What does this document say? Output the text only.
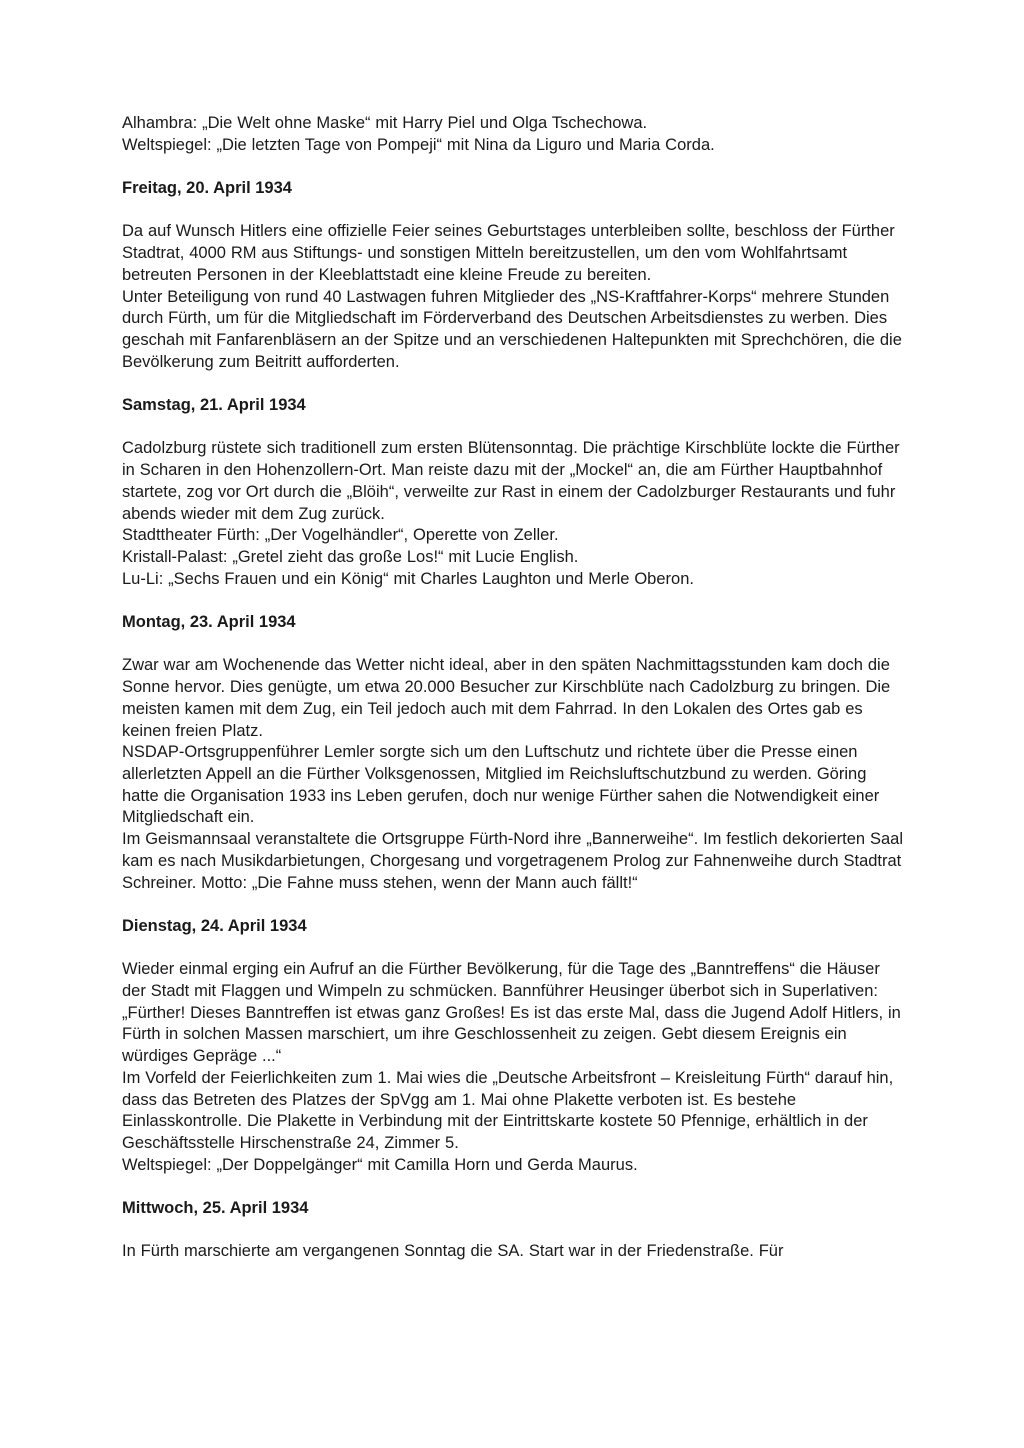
Alhambra: „Die Welt ohne Maske“ mit Harry Piel und Olga Tschechowa.

Weltspiegel: „Die letzten Tage von Pompeji“ mit Nina da Liguro und Maria Corda.

Freitag, 20. April 1934

Da auf Wunsch Hitlers eine offizielle Feier seines Geburtstages unterbleiben sollte, beschloss der Fürther Stadtrat, 4000 RM aus Stiftungs- und sonstigen Mitteln bereitzustellen, um den vom Wohlfahrtsamt betreuten Personen in der Kleeblattstadt eine kleine Freude zu bereiten.

Unter Beteiligung von rund 40 Lastwagen fuhren Mitglieder des „NS-Kraftfahrer-Korps“ mehrere Stunden durch Fürth, um für die Mitgliedschaft im Förderverband des Deutschen Arbeitsdienstes zu werben. Dies geschah mit Fanfarenbläsern an der Spitze und an verschiedenen Haltepunkten mit Sprechchören, die die Bevölkerung zum Beitritt aufforderten.

Samstag, 21. April 1934

Cadolzburg rüstete sich traditionell zum ersten Blütensonntag. Die prächtige Kirschblüte lockte die Fürther in Scharen in den Hohenzollern-Ort. Man reiste dazu mit der „Mockel“ an, die am Fürther Hauptbahnhof startete, zog vor Ort durch die „Blöih“, verweilte zur Rast in einem der Cadolzburger Restaurants und fuhr abends wieder mit dem Zug zurück.

Stadttheater Fürth: „Der Vogelhändler“, Operette von Zeller.

Kristall-Palast: „Gretel zieht das große Los!“ mit Lucie English.

Lu-Li: „Sechs Frauen und ein König“ mit Charles Laughton und Merle Oberon.

Montag, 23. April 1934

Zwar war am Wochenende das Wetter nicht ideal, aber in den späten Nachmittagsstunden kam doch die Sonne hervor. Dies genügte, um etwa 20.000 Besucher zur Kirschblüte nach Cadolzburg zu bringen. Die meisten kamen mit dem Zug, ein Teil jedoch auch mit dem Fahrrad. In den Lokalen des Ortes gab es keinen freien Platz.

NSDAP-Ortsgruppenführer Lemler sorgte sich um den Luftschutz und richtete über die Presse einen allerletzten Appell an die Fürther Volksgenossen, Mitglied im Reichsluftschutzbund zu werden. Göring hatte die Organisation 1933 ins Leben gerufen, doch nur wenige Fürther sahen die Notwendigkeit einer Mitgliedschaft ein.

Im Geismannsaal veranstaltete die Ortsgruppe Fürth-Nord ihre „Bannerweihe“. Im festlich dekorierten Saal kam es nach Musikdarbietungen, Chorgesang und vorgetragenem Prolog zur Fahnenweihe durch Stadtrat Schreiner. Motto: „Die Fahne muss stehen, wenn der Mann auch fällt!“

Dienstag, 24. April 1934

Wieder einmal erging ein Aufruf an die Fürther Bevölkerung, für die Tage des „Banntreffens“ die Häuser der Stadt mit Flaggen und Wimpeln zu schmücken. Bannführer Heusinger überbot sich in Superlativen: „Fürther! Dieses Banntreffen ist etwas ganz Großes! Es ist das erste Mal, dass die Jugend Adolf Hitlers, in Fürth in solchen Massen marschiert, um ihre Geschlossenheit zu zeigen. Gebt diesem Ereignis ein würdiges Gepräge ...“

Im Vorfeld der Feierlichkeiten zum 1. Mai wies die „Deutsche Arbeitsfront – Kreisleitung Fürth“ darauf hin, dass das Betreten des Platzes der SpVgg am 1. Mai ohne Plakette verboten ist. Es bestehe Einlasskontrolle. Die Plakette in Verbindung mit der Eintrittskarte kostete 50 Pfennige, erhältlich in der Geschäftsstelle Hirschenstraße 24, Zimmer 5.

Weltspiegel: „Der Doppelgänger“ mit Camilla Horn und Gerda Maurus.

Mittwoch, 25. April 1934

In Fürth marschierte am vergangenen Sonntag die SA. Start war in der Friedenstraße. Für
